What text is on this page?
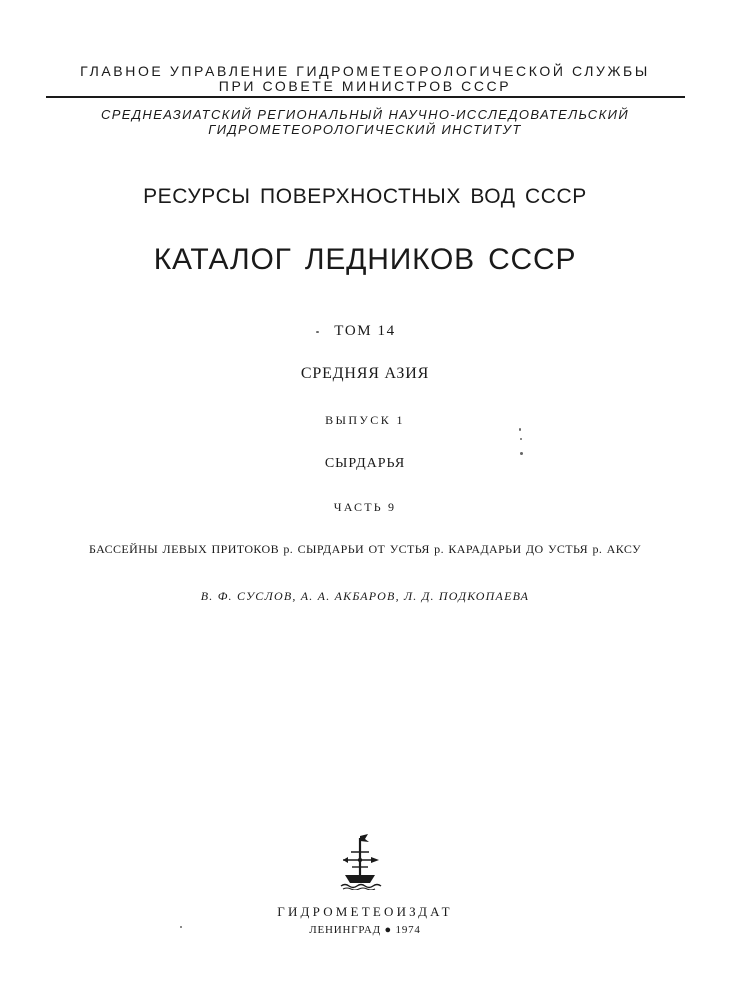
ГЛАВНОЕ УПРАВЛЕНИЕ ГИДРОМЕТЕОРОЛОГИЧЕСКОЙ СЛУЖБЫ
ПРИ СОВЕТЕ МИНИСТРОВ СССР
СРЕДНЕАЗИАТСКИЙ РЕГИОНАЛЬНЫЙ НАУЧНО-ИССЛЕДОВАТЕЛЬСКИЙ
ГИДРОМЕТЕОРОЛОГИЧЕСКИЙ ИНСТИТУТ
РЕСУРСЫ ПОВЕРХНОСТНЫХ ВОД СССР
КАТАЛОГ ЛЕДНИКОВ СССР
ТОМ 14
СРЕДНЯЯ АЗИЯ
ВЫПУСК 1
СЫРДАРЬЯ
ЧАСТЬ 9
БАССЕЙНЫ ЛЕВЫХ ПРИТОКОВ р. СЫРДАРЬИ ОТ УСТЬЯ р. КАРАДАРЬИ ДО УСТЬЯ р. АКСУ
В. Ф. СУСЛОВ, А. А. АКБАРОВ, Л. Д. ПОДКОПАЕВА
ГИДРОМЕТЕОИЗДАТ
ЛЕНИНГРАД ● 1974
